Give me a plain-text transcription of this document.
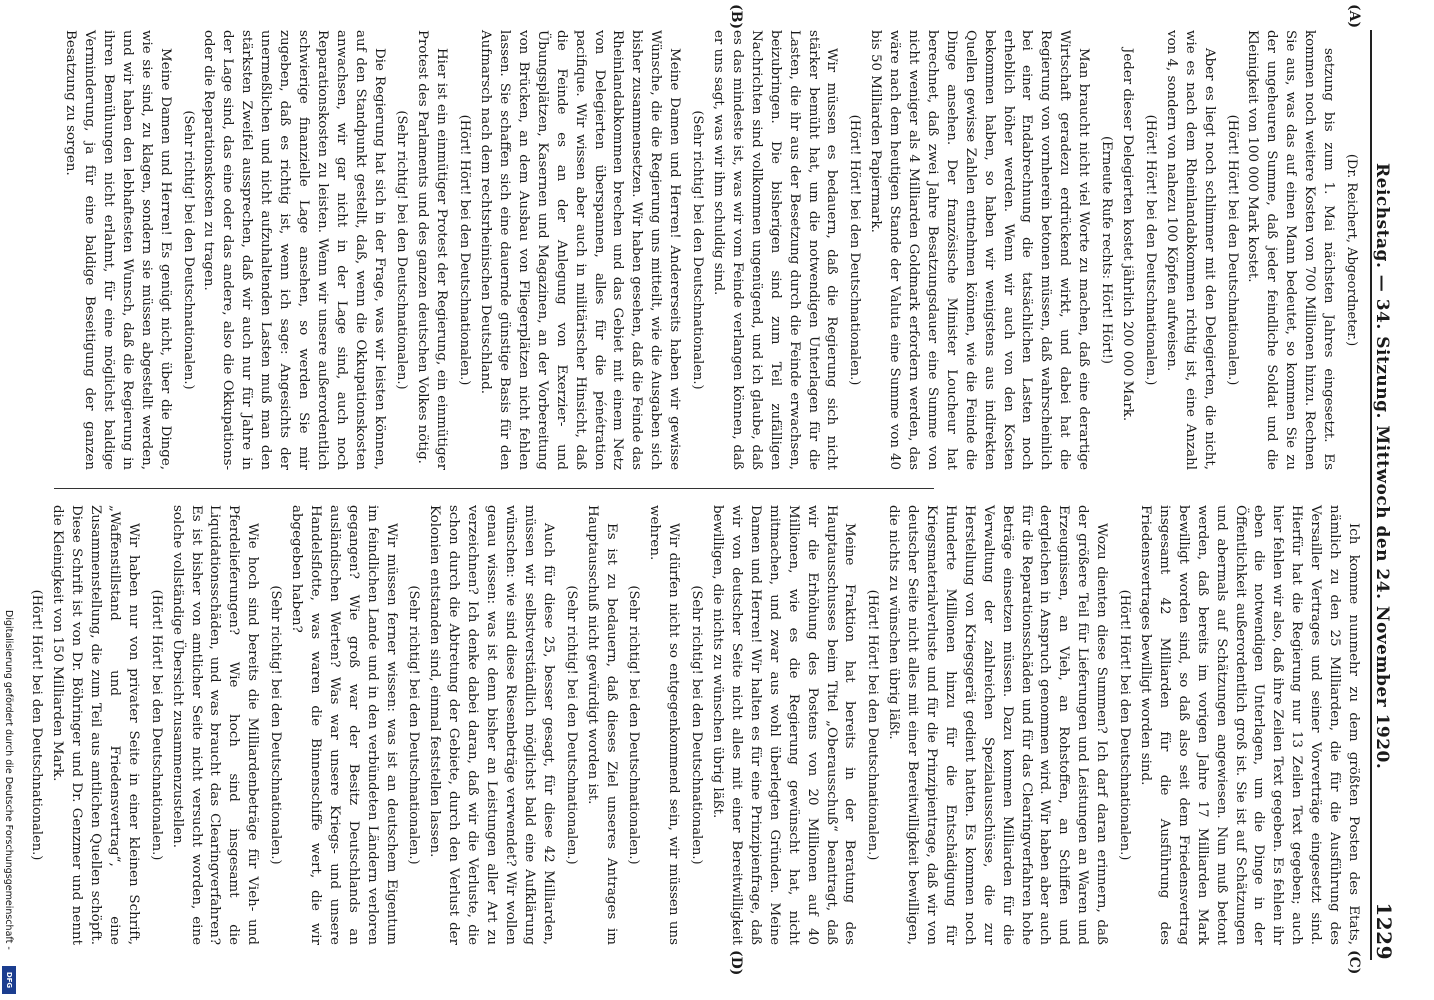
Reichstag. — 34. Sitzung. Mittwoch den 24. November 1920.
1229
(A)
(B)
(C)
(D)
(Dr. Reichert, Abgeordneter.)

setzung bis zum 1. Mai nächsten Jahres eingesetzt. Es kommen noch weitere Kosten von 700 Millionen hinzu. Rechnen Sie aus, was das auf einen Mann bedeutet, so kommen Sie zu der ungeheuren Summe, daß jeder feindliche Soldat und die Kleinigkeit von 100 000 Mark kostet.

(Hört! Hört! bei den Deutschnationalen.)

Aber es liegt noch schlimmer mit den Delegierten, die nicht, wie es nach dem Rheinlandabkommen richtig ist, eine Anzahl von 4, sondern von nahezu 100 Köpfen aufweisen.

(Hört! Hört! bei den Deutschnationalen.)

Jeder dieser Delegierten kostet jährlich 200 000 Mark.

(Erneute Rufe rechts: Hört! Hört!)

Man braucht nicht viel Worte zu machen, daß eine derartige Wirtschaft geradezu erdrückend wirkt, und dabei hat die Regierung von vornherein betonen müssen, daß wahrscheinlich bei einer Endabrechnung die tatsächlichen Lasten noch erheblich höher werden. Wenn wir auch von den Kosten bekommen haben, so haben wir wenigstens aus indirekten Quellen gewisse Zahlen entnehmen können, wie die Feinde die Dinge ansehen. Der französische Minister Loucheur hat berechnet, daß zwei Jahre Besatzungsdauer eine Summe von nicht weniger als 4 Milliarden Goldmark erfordern werden, das wäre nach dem heutigen Stande der Valuta eine Summe von 40 bis 50 Milliarden Papiermark.

(Hört! Hört! bei den Deutschnationalen.)

Wir müssen es bedauern, daß die Regierung sich nicht stärker bemüht hat, um die notwendigen Unterlagen für die Lasten, die ihr aus der Besetzung durch die Feinde erwachsen, beizubringen. Die bisherigen sind zum Teil zufälligen Nachrichten sind vollkommen ungenügend, und ich glaube, daß es das mindeste ist, was wir vom Feinde verlangen können, daß er uns sagt, was wir ihm schuldig sind.

(Sehr richtig! bei den Deutschnationalen.)

Meine Damen und Herren! Andererseits haben wir gewisse Wünsche, die die Regierung uns mitteilt, wie die Ausgaben sich bisher zusammensetzen. Wir haben gesehen, daß die Feinde das Rheinlandabkommen brechen und das Gebiet mit einem Netz von Delegierten überspannen, alles für die pénétration pacifique. Wir wissen aber auch in militärischer Hinsicht, daß die Feinde es an der Anlegung von Exerzier- und Übungsplätzen, Kasernen und Magazinen, an der Vorbereitung von Brücken, an dem Ausbau von Fliegerplätzen nicht fehlen lassen. Sie schaffen sich eine dauernde günstige Basis für den Aufmarsch nach dem rechtsrheinischen Deutschland.

(Hört! Hört! bei den Deutschnationalen.)

Hier ist ein einmütiger Protest der Regierung, ein einmütiger Protest des Parlaments und des ganzen deutschen Volkes nötig.

(Sehr richtig! bei den Deutschnationalen.)

Die Regierung hat sich in der Frage, was wir leisten können, auf den Standpunkt gestellt, daß, wenn die Okkupationskosten anwachsen, wir gar nicht in der Lage sind, auch noch Reparationskosten zu leisten. Wenn wir unsere außerordentlich schwierige finanzielle Lage ansehen, so werden Sie mir zugeben, daß es richtig ist, wenn ich sage: Angesichts der unermeßlichen und nicht aufzuhaltenden Lasten muß man den stärksten Zweifel aussprechen, daß wir auch nur für Jahre in der Lage sind, das eine oder das andere, also die Okkupations- oder die Reparationskosten zu tragen.

(Sehr richtig! bei den Deutschnationalen.)

Meine Damen und Herren! Es genügt nicht, über die Dinge, wie sie sind, zu klagen, sondern sie müssen abgestellt werden, und wir haben den lebhaftesten Wunsch, daß die Regierung in ihren Bemühungen nicht erlahmt, für eine möglichst baldige Verminderung, ja für eine baldige Beseitigung der ganzen Besatzung zu sorgen.

Ich komme nunmehr zu dem größten Posten des Etats, nämlich zu den 25 Milliarden, die für die Ausführung des Versailler Vertrages und seiner Vorverträge eingesetzt sind. Hierfür hat die Regierung nur 13 Zeilen Text gegeben; auch hier fehlen wir also, daß ihre Zeilen Text gegeben. Es fehlen ihr eben die notwendigen Unterlagen, um die Dinge in der Öffentlichkeit außerordentlich groß ist. Sie ist auf Schätzungen und abermals auf Schätzungen angewiesen. Nun muß betont werden, daß bereits im vorigen Jahre 17 Milliarden Mark bewilligt worden sind, so daß also seit dem Friedensvertrag insgesamt 42 Milliarden für die Ausführung des Friedensvertrages bewilligt worden sind.

(Hört! Hört! bei den Deutschnationalen.)

Wozu dienten diese Summen? Ich darf daran erinnern, daß der größere Teil für Lieferungen und Leistungen an Waren und Erzeugnissen, an Vieh, an Rohstoffen, an Schiffen und dergleichen in Anspruch genommen wird. Wir haben aber auch für die Reparationsschäden und für das Clearingverfahren hohe Beträge einsetzen müssen. Dazu kommen Milliarden für die Verwaltung der zahlreichen Spezialausschüsse, die zur Herstellung von Kriegsgerät gedient hatten. Es kommen noch Hunderte Millionen hinzu für die Entschädigung für Kriegsmaterialverluste und für die Prinzipientrage, daß wir von deutscher Seite nicht alles mit einer Bereitwilligkeit bewilligen, die nichts zu wünschen übrig läßt.

(Hört! Hört! bei den Deutschnationalen.)

Meine Fraktion hat bereits in der Beratung des Hauptausschusses beim Titel „Oberausschuß“ beantragt, daß wir die Erhöhung des Postens von 20 Millionen auf 40 Millionen, wie es die Regierung gewünscht hat, nicht mitmachen, und zwar aus wohl überlegten Gründen. Meine Damen und Herren! Wir halten es für eine Prinzipienfrage, daß wir von deutscher Seite nicht alles mit einer Bereitwilligkeit bewilligen, die nichts zu wünschen übrig läßt.

(Sehr richtig! bei den Deutschnationalen.)

Wir dürfen nicht so entgegenkommend sein, wir müssen uns wehren.

(Sehr richtig! bei den Deutschnationalen.)

Es ist zu bedauern, daß dieses Ziel unseres Antrages im Hauptausschuß nicht gewürdigt worden ist.

(Sehr richtig! bei den Deutschnationalen.)

Auch für diese 25, besser gesagt, für diese 42 Milliarden, müssen wir selbstverständlich möglichst bald eine Aufklärung wünschen: wie sind diese Riesenbeträge verwendet? Wir wollen genau wissen: was ist denn bisher an Leistungen aller Art zu verzeichnen? Ich denke dabei daran, daß wir die Verluste, die schon durch die Abtretung der Gebiete, durch den Verlust der Kolonien entstanden sind, einmal feststellen lassen.

(Sehr richtig! bei den Deutschnationalen.)

Wir müssen ferner wissen: was ist an deutschem Eigentum im feindlichen Lande und in den verbündeten Ländern verloren gegangen? Wie groß war der Besitz Deutschlands an ausländischen Werten? Was war unsere Kriegs- und unsere Handelsflotte, was waren die Binnenschiffe wert, die wir abgegeben haben?

(Sehr richtig! bei den Deutschnationalen.)

Wie hoch sind bereits die Milliardenbeträge für Vieh- und Pferdelieferungen? Wie hoch sind insgesamt die Liquidationsschäden, und was braucht das Clearingverfahren? Es ist bisher von amtlicher Seite nicht versucht worden, eine solche vollständige Übersicht zusammenzustellen.

(Hört! Hört! bei den Deutschnationalen.)

Wir haben nur von privater Seite in einer kleinen Schrift, „Waffenstillstand und Friedensvertrag“, eine Zusammenstellung, die zum Teil aus amtlichen Quellen schöpft. Diese Schrift ist von Dr. Böhringer und Dr. Genzmer und nennt die Kleinigkeit von 150 Milliarden Mark.

(Hört! Hört! bei den Deutschnationalen.)
Digitalisierung gefördert durch die Deutsche Forschungsgemeinschaft -
DFG
